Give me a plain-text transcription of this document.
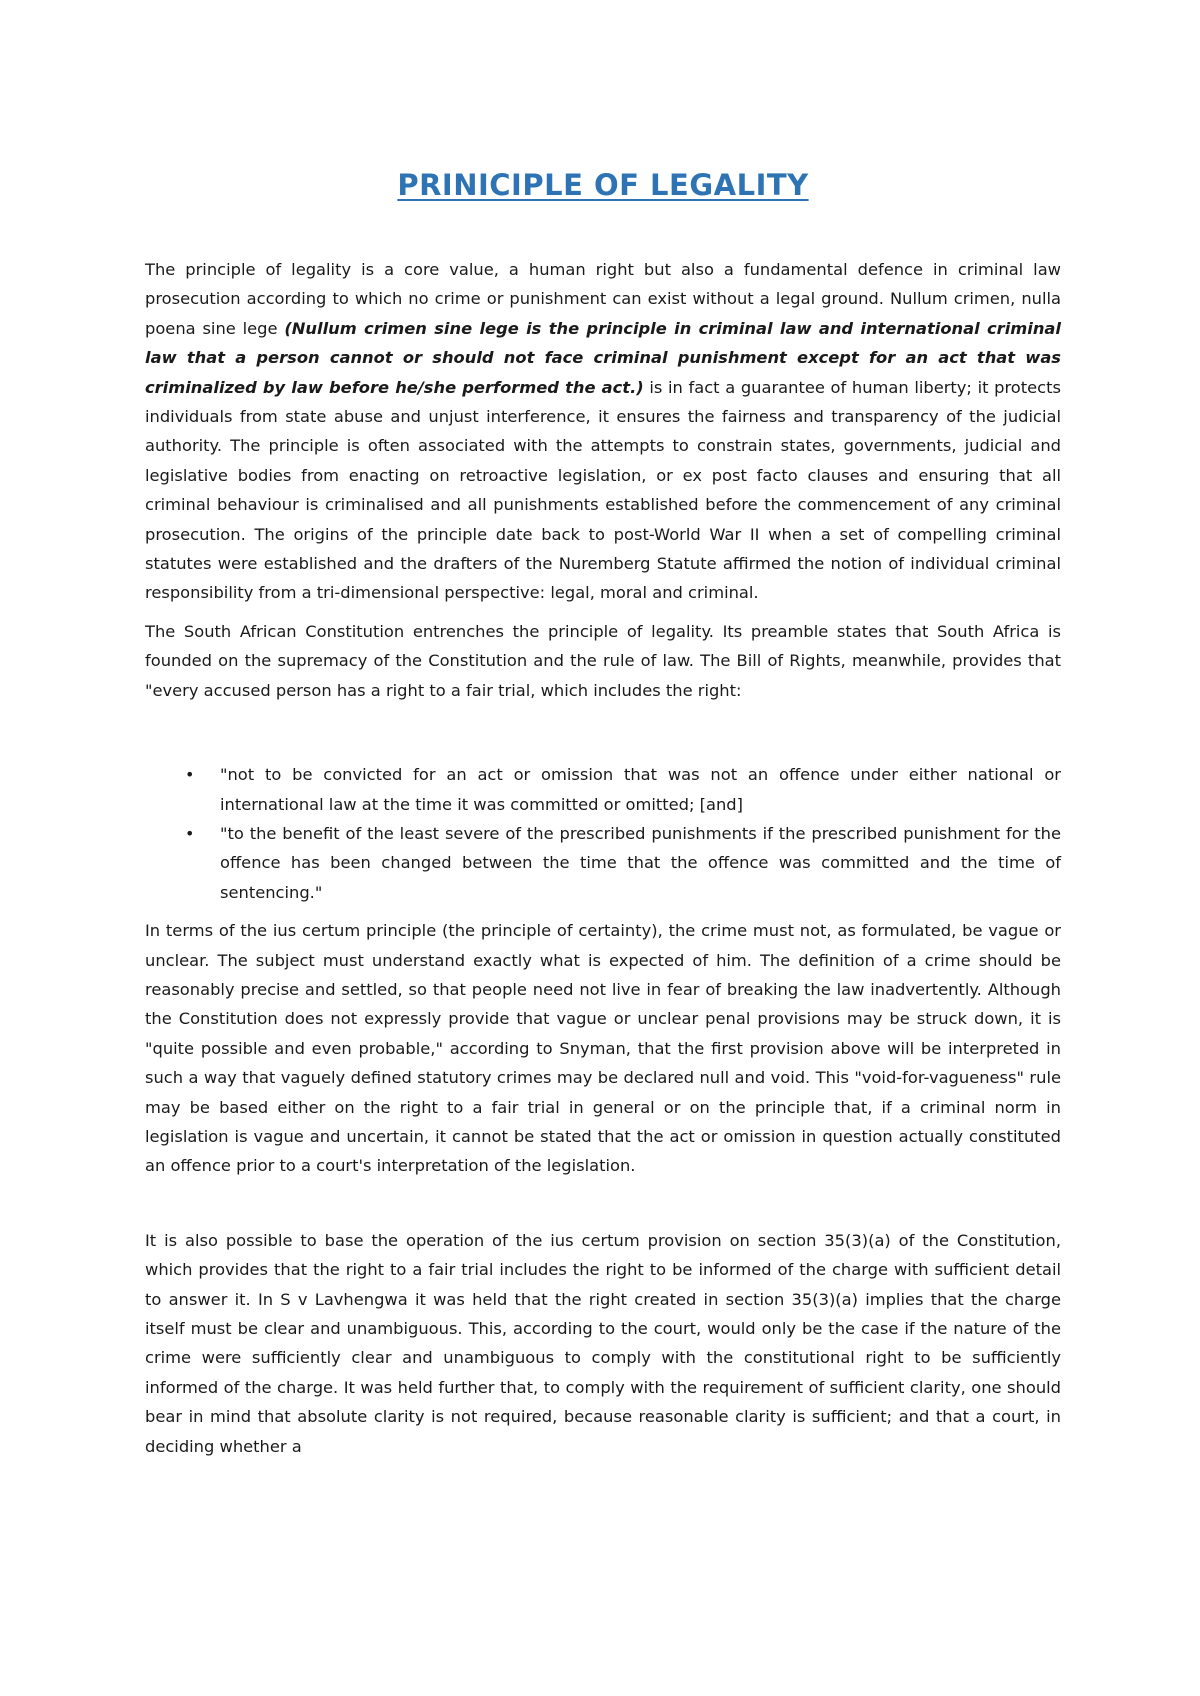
PRINICIPLE OF LEGALITY

The principle of legality is a core value, a human right but also a fundamental defence in criminal law prosecution according to which no crime or punishment can exist without a legal ground. Nullum crimen, nulla poena sine lege (Nullum crimen sine lege is the principle in criminal law and international criminal law that a person cannot or should not face criminal punishment except for an act that was criminalized by law before he/she performed the act.) is in fact a guarantee of human liberty; it protects individuals from state abuse and unjust interference, it ensures the fairness and transparency of the judicial authority. The principle is often associated with the attempts to constrain states, governments, judicial and legislative bodies from enacting on retroactive legislation, or ex post facto clauses and ensuring that all criminal behaviour is criminalised and all punishments established before the commencement of any criminal prosecution. The origins of the principle date back to post-World War II when a set of compelling criminal statutes were established and the drafters of the Nuremberg Statute affirmed the notion of individual criminal responsibility from a tri-dimensional perspective: legal, moral and criminal.

The South African Constitution entrenches the principle of legality. Its preamble states that South Africa is founded on the supremacy of the Constitution and the rule of law. The Bill of Rights, meanwhile, provides that "every accused person has a right to a fair trial, which includes the right:

• "not to be convicted for an act or omission that was not an offence under either national or international law at the time it was committed or omitted; [and]
• "to the benefit of the least severe of the prescribed punishments if the prescribed punishment for the offence has been changed between the time that the offence was committed and the time of sentencing."

In terms of the ius certum principle (the principle of certainty), the crime must not, as formulated, be vague or unclear. The subject must understand exactly what is expected of him. The definition of a crime should be reasonably precise and settled, so that people need not live in fear of breaking the law inadvertently. Although the Constitution does not expressly provide that vague or unclear penal provisions may be struck down, it is "quite possible and even probable," according to Snyman, that the first provision above will be interpreted in such a way that vaguely defined statutory crimes may be declared null and void. This "void-for-vagueness" rule may be based either on the right to a fair trial in general or on the principle that, if a criminal norm in legislation is vague and uncertain, it cannot be stated that the act or omission in question actually constituted an offence prior to a court's interpretation of the legislation.

It is also possible to base the operation of the ius certum provision on section 35(3)(a) of the Constitution, which provides that the right to a fair trial includes the right to be informed of the charge with sufficient detail to answer it. In S v Lavhengwa it was held that the right created in section 35(3)(a) implies that the charge itself must be clear and unambiguous. This, according to the court, would only be the case if the nature of the crime were sufficiently clear and unambiguous to comply with the constitutional right to be sufficiently informed of the charge. It was held further that, to comply with the requirement of sufficient clarity, one should bear in mind that absolute clarity is not required, because reasonable clarity is sufficient; and that a court, in deciding whether a
